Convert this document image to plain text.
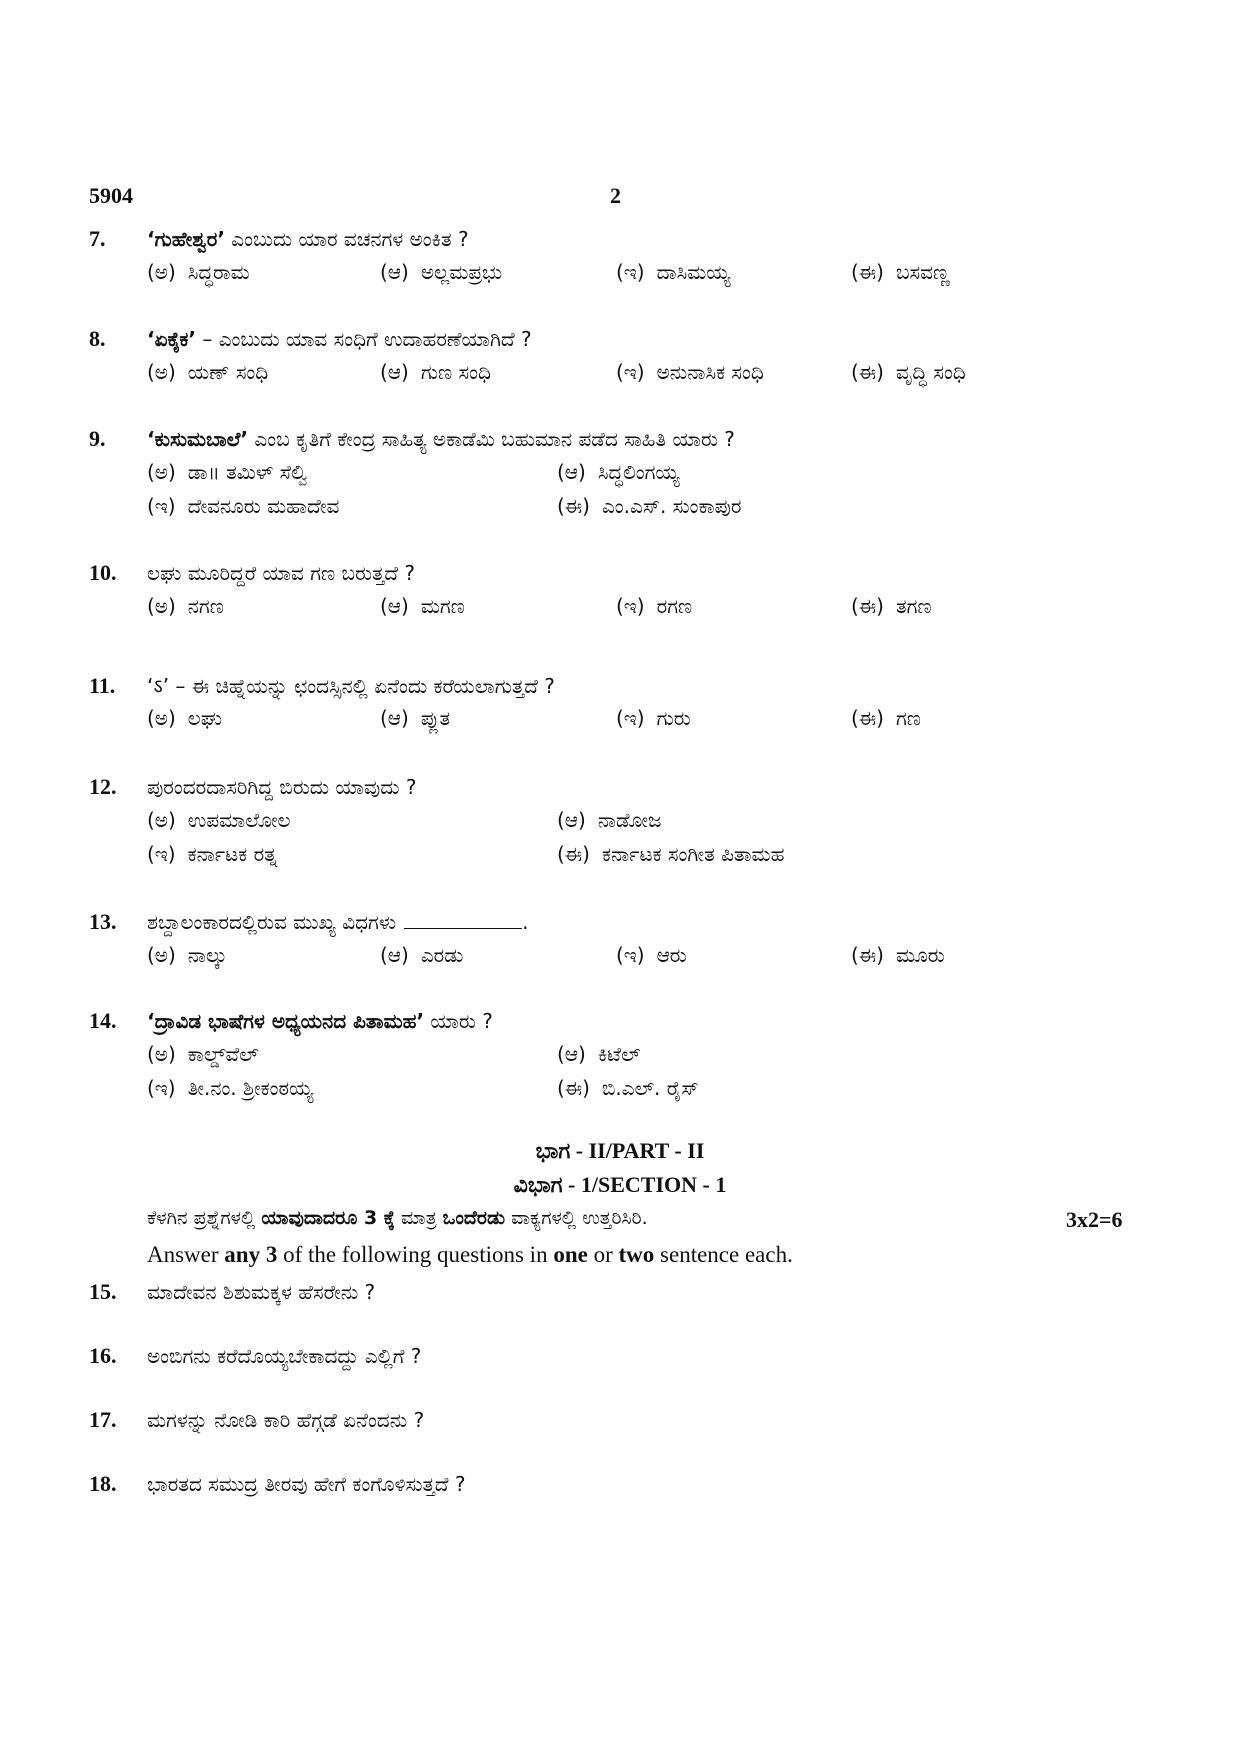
5904	2
7.	‘ಗುಹೇಶ್ವರ’ ಎಂಬುದು ಯಾರ ವಚನಗಳ ಅಂಕಿತ ?
(ಅ) ಸಿದ್ಧರಾಮ	(ಆ) ಅಲ್ಲಮಪ್ರಭು	(ಇ) ದಾಸಿಮಯ್ಯ	(ಈ) ಬಸವಣ್ಣ
8.	‘ಏಕೈಕ’ – ಎಂಬುದು ಯಾವ ಸಂಧಿಗೆ ಉದಾಹರಣೆಯಾಗಿದೆ ?
(ಅ) ಯಣ್ ಸಂಧಿ	(ಆ) ಗುಣ ಸಂಧಿ	(ಇ) ಅನುನಾಸಿಕ ಸಂಧಿ	(ಈ) ವೃದ್ಧಿ ಸಂಧಿ
9.	‘ಕುಸುಮಬಾಲೆ’ ಎಂಬ ಕೃತಿಗೆ ಕೇಂದ್ರ ಸಾಹಿತ್ಯ ಅಕಾಡೆಮಿ ಬಹುಮಾನ ಪಡೆದ ಸಾಹಿತಿ ಯಾರು ?
(ಅ) ಡಾ॥ ತಮಿಳ್ ಸೆಲ್ವಿ	(ಆ) ಸಿದ್ಧಲಿಂಗಯ್ಯ
(ಇ) ದೇವನೂರು ಮಹಾದೇವ	(ಈ) ಎಂ.ಎಸ್. ಸುಂಕಾಪುರ
10.	ಲಘು ಮೂರಿದ್ದರೆ ಯಾವ ಗಣ ಬರುತ್ತದೆ ?
(ಅ) ನಗಣ	(ಆ) ಮಗಣ	(ಇ) ರಗಣ	(ಈ) ತಗಣ
11.	‘ऽ’ – ಈ ಚಿಹ್ನೆಯನ್ನು ಛಂದಸ್ಸಿನಲ್ಲಿ ಏನೆಂದು ಕರೆಯಲಾಗುತ್ತದೆ ?
(ಅ) ಲಘು	(ಆ) ಪ್ಲುತ	(ಇ) ಗುರು	(ಈ) ಗಣ
12.	ಪುರಂದರದಾಸರಿಗಿದ್ದ ಬಿರುದು ಯಾವುದು ?
(ಅ) ಉಪಮಾಲೋಲ	(ಆ) ನಾಡೋಜ
(ಇ) ಕರ್ನಾಟಕ ರತ್ನ	(ಈ) ಕರ್ನಾಟಕ ಸಂಗೀತ ಪಿತಾಮಹ
13.	ಶಬ್ದಾಲಂಕಾರದಲ್ಲಿರುವ ಮುಖ್ಯ ವಿಧಗಳು	.
(ಅ) ನಾಲ್ಕು	(ಆ) ಎರಡು	(ಇ) ಆರು	(ಈ) ಮೂರು
14.	‘ದ್ರಾವಿಡ ಭಾಷೆಗಳ ಅಧ್ಯಯನದ ಪಿತಾಮಹ’ ಯಾರು ?
(ಅ) ಕಾಲ್ಡ್‌ವೆಲ್	(ಆ) ಕಿಟೆಲ್
(ಇ) ತೀ.ನಂ. ಶ್ರೀಕಂಠಯ್ಯ	(ಈ) ಬಿ.ಎಲ್. ರೈಸ್
ಭಾಗ - II/PART - II
ವಿಭಾಗ - 1/SECTION - 1
ಕೆಳಗಿನ ಪ್ರಶ್ನೆಗಳಲ್ಲಿ ಯಾವುದಾದರೂ 3 ಕ್ಕೆ ಮಾತ್ರ ಒಂದೆರಡು ವಾಕ್ಯಗಳಲ್ಲಿ ಉತ್ತರಿಸಿರಿ.	3x2=6
Answer any 3 of the following questions in one or two sentence each.
15.	ಮಾದೇವನ ಶಿಶುಮಕ್ಕಳ ಹೆಸರೇನು ?
16.	ಅಂಬಿಗನು ಕರೆದೊಯ್ಯಬೇಕಾದದ್ದು ಎಲ್ಲಿಗೆ ?
17.	ಮಗಳನ್ನು ನೋಡಿ ಕಾರಿ ಹೆಗ್ಗಡೆ ಏನೆಂದನು ?
18.	ಭಾರತದ ಸಮುದ್ರ ತೀರವು ಹೇಗೆ ಕಂಗೊಳಿಸುತ್ತದೆ ?
